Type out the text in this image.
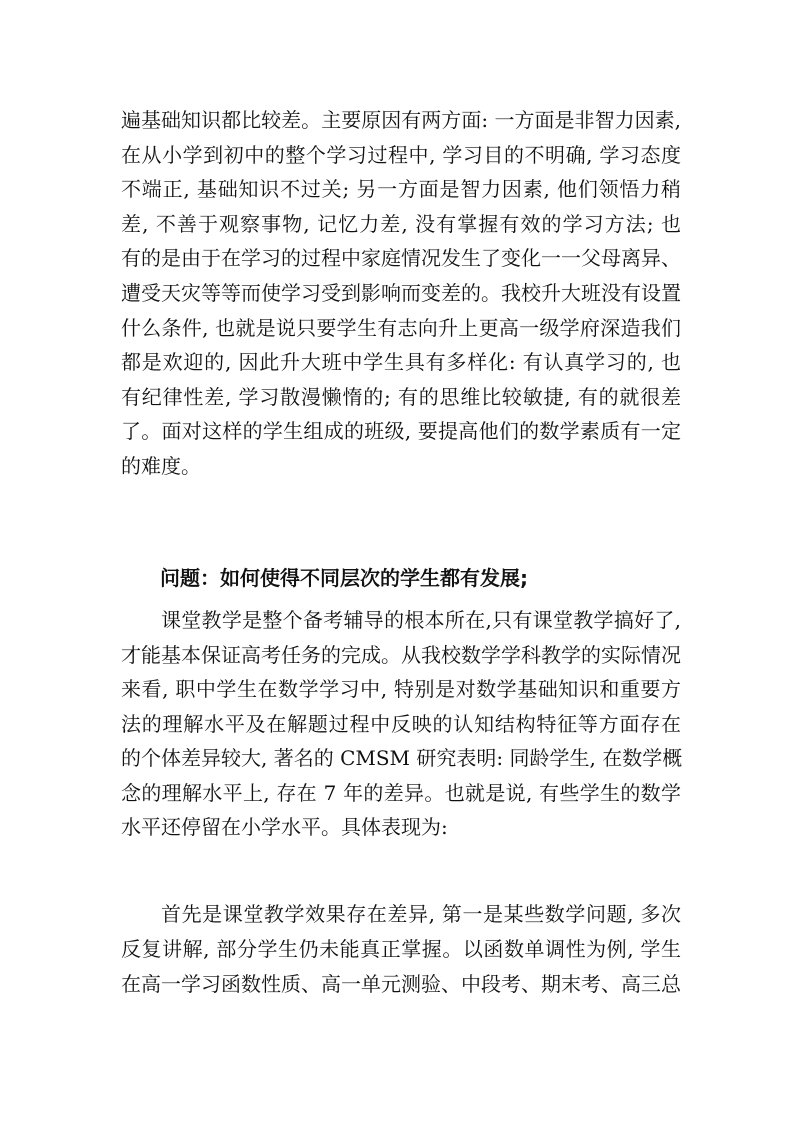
遍基础知识都比较差。主要原因有两方面: 一方面是非智力因素,
在从小学到初中的整个学习过程中, 学习目的不明确, 学习态度
不端正, 基础知识不过关; 另一方面是智力因素, 他们领悟力稍
差, 不善于观察事物, 记忆力差, 没有掌握有效的学习方法; 也
有的是由于在学习的过程中家庭情况发生了变化一一父母离异、
遭受天灾等等而使学习受到影响而变差的。我校升大班没有设置
什么条件, 也就是说只要学生有志向升上更高一级学府深造我们
都是欢迎的, 因此升大班中学生具有多样化: 有认真学习的, 也
有纪律性差, 学习散漫懒惰的; 有的思维比较敏捷, 有的就很差
了。面对这样的学生组成的班级, 要提高他们的数学素质有一定
的难度。
问题：如何使得不同层次的学生都有发展;
课堂教学是整个备考辅导的根本所在,只有课堂教学搞好了,
才能基本保证高考任务的完成。从我校数学学科教学的实际情况
来看, 职中学生在数学学习中, 特别是对数学基础知识和重要方
法的理解水平及在解题过程中反映的认知结构特征等方面存在
的个体差异较大, 著名的 CMSM 研究表明: 同龄学生, 在数学概
念的理解水平上, 存在 7 年的差异。也就是说, 有些学生的数学
水平还停留在小学水平。具体表现为:
首先是课堂教学效果存在差异, 第一是某些数学问题, 多次
反复讲解, 部分学生仍未能真正掌握。以函数单调性为例, 学生
在高一学习函数性质、高一单元测验、中段考、期末考、高三总
